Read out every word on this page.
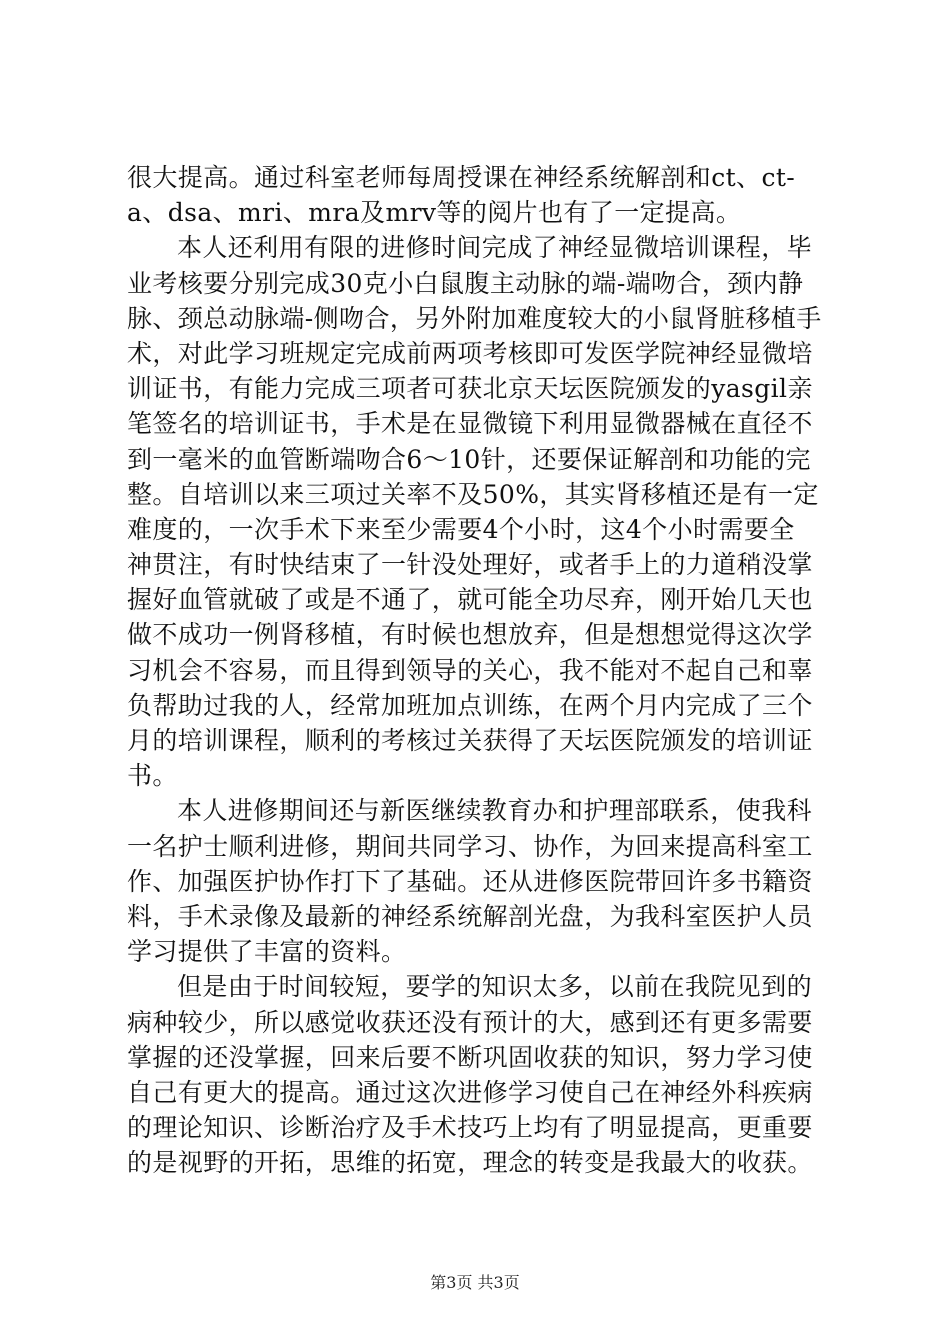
很大提高。通过科室老师每周授课在神经系统解剖和ct、ct-
a、dsa、mri、mra及mrv等的阅片也有了一定提高。
本人还利用有限的进修时间完成了神经显微培训课程，毕
业考核要分别完成30克小白鼠腹主动脉的端-端吻合，颈内静
脉、颈总动脉端-侧吻合，另外附加难度较大的小鼠肾脏移植手
术，对此学习班规定完成前两项考核即可发医学院神经显微培
训证书，有能力完成三项者可获北京天坛医院颁发的yasgil亲
笔签名的培训证书，手术是在显微镜下利用显微器械在直径不
到一毫米的血管断端吻合6～10针，还要保证解剖和功能的完
整。自培训以来三项过关率不及50%，其实肾移植还是有一定
难度的，一次手术下来至少需要4个小时，这4个小时需要全
神贯注，有时快结束了一针没处理好，或者手上的力道稍没掌
握好血管就破了或是不通了，就可能全功尽弃，刚开始几天也
做不成功一例肾移植，有时候也想放弃，但是想想觉得这次学
习机会不容易，而且得到领导的关心，我不能对不起自己和辜
负帮助过我的人，经常加班加点训练，在两个月内完成了三个
月的培训课程，顺利的考核过关获得了天坛医院颁发的培训证
书。
本人进修期间还与新医继续教育办和护理部联系，使我科
一名护士顺利进修，期间共同学习、协作，为回来提高科室工
作、加强医护协作打下了基础。还从进修医院带回许多书籍资
料，手术录像及最新的神经系统解剖光盘，为我科室医护人员
学习提供了丰富的资料。
但是由于时间较短，要学的知识太多，以前在我院见到的
病种较少，所以感觉收获还没有预计的大，感到还有更多需要
掌握的还没掌握，回来后要不断巩固收获的知识，努力学习使
自己有更大的提高。通过这次进修学习使自己在神经外科疾病
的理论知识、诊断治疗及手术技巧上均有了明显提高，更重要
的是视野的开拓，思维的拓宽，理念的转变是我最大的收获。
第3页 共3页
